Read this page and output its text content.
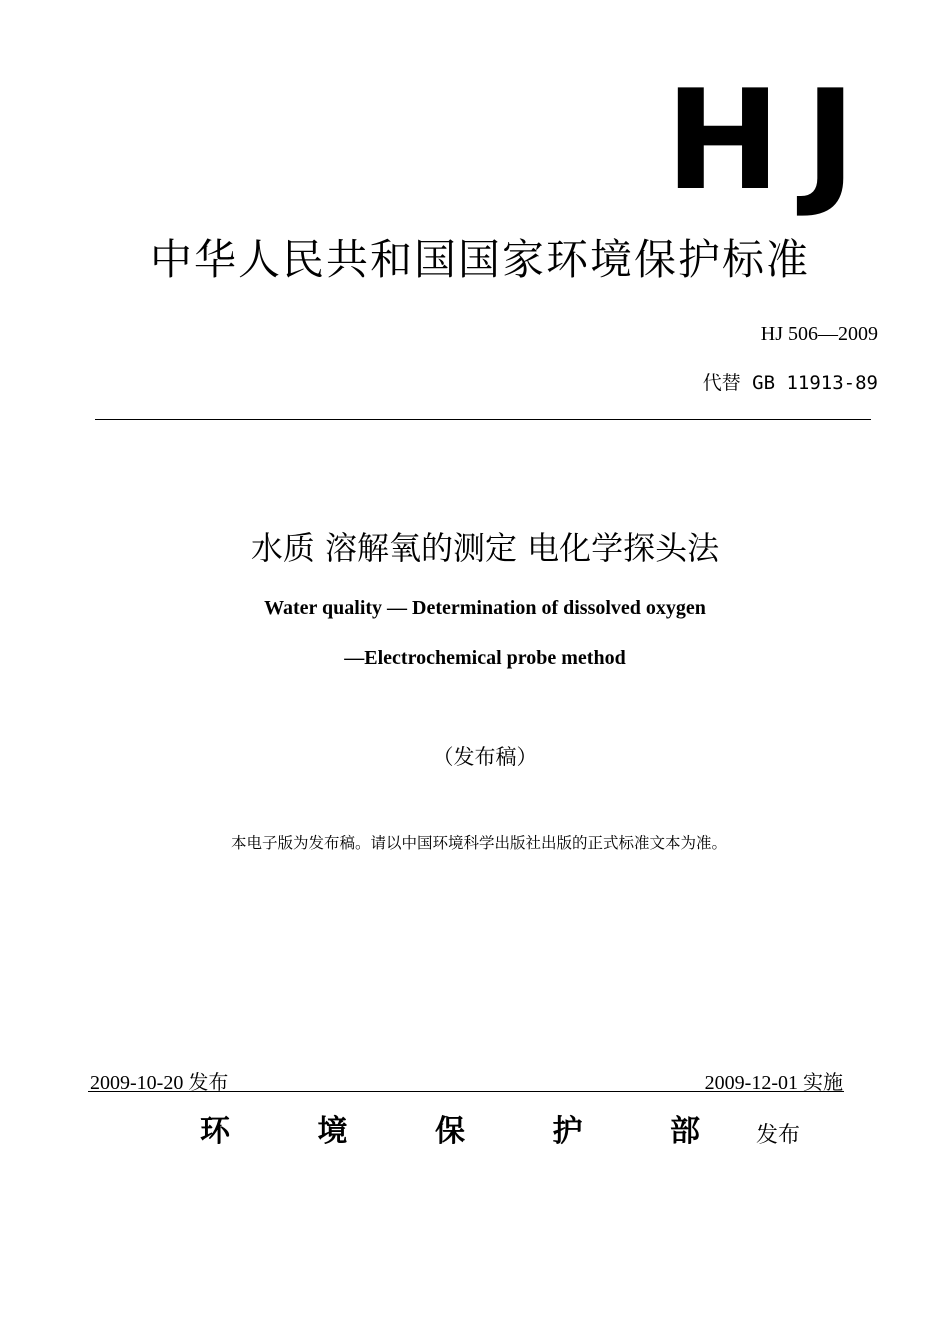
HJ
中华人民共和国国家环境保护标准
HJ 506—2009
代替 GB 11913-89
水质 溶解氧的测定 电化学探头法
Water quality — Determination of dissolved oxygen
—Electrochemical probe method
（发布稿）
本电子版为发布稿。请以中国环境科学出版社出版的正式标准文本为准。
2009-10-20 发布	2009-12-01 实施
环	境	保	护	部	发布
